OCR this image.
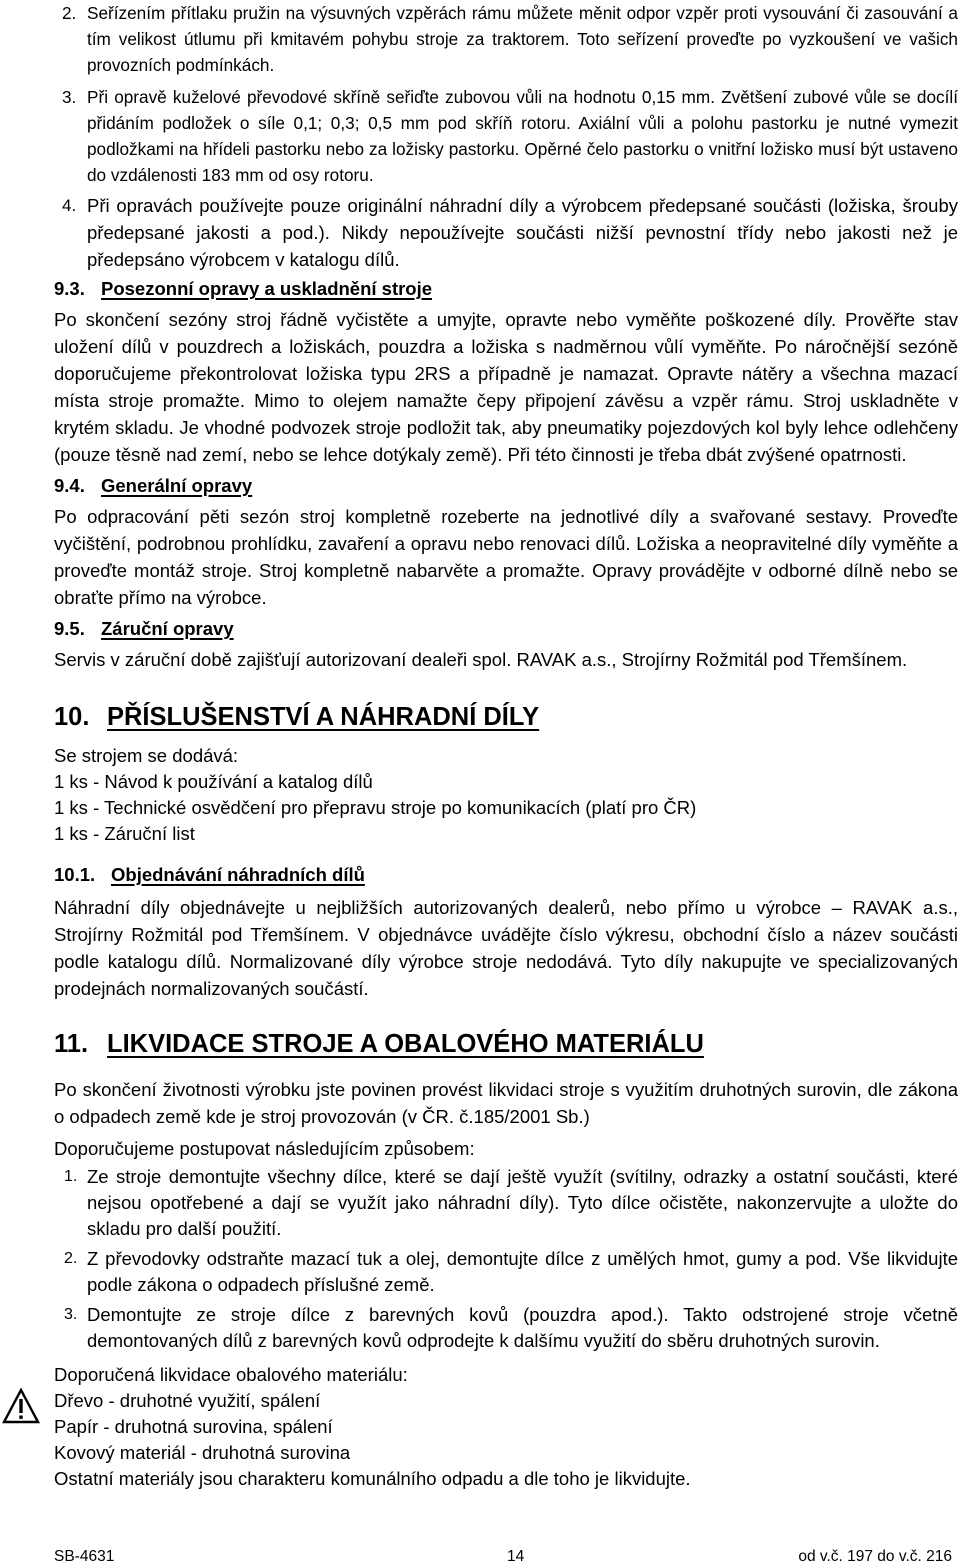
2. Seřízením přítlaku pružin na výsuvných vzpěrách rámu můžete měnit odpor vzpěr proti vysouvání či zasouvání a tím velikost útlumu při kmitavém pohybu stroje za traktorem. Toto seřízení proveďte po vyzkoušení ve vašich provozních podmínkách.

3. Při opravě kuželové převodové skříně seřiďte zubovou vůli na hodnotu 0,15 mm. Zvětšení zubové vůle se docílí přidáním podložek o síle 0,1; 0,3; 0,5 mm pod skříň rotoru. Axiální vůli a polohu pastorku je nutné vymezit podložkami na hřídeli pastorku nebo za ložisky pastorku. Opěrné čelo pastorku o vnitřní ložisko musí být ustaveno do vzdálenosti 183 mm od osy rotoru.

4. Při opravách používejte pouze originální náhradní díly a výrobcem předepsané součásti (ložiska, šrouby předepsané jakosti a pod.). Nikdy nepoužívejte součásti nižší pevnostní třídy nebo jakosti než je předepsáno výrobcem v katalogu dílů.

9.3. Posezonní opravy a uskladnění stroje

Po skončení sezóny stroj řádně vyčistěte a umyjte, opravte nebo vyměňte poškozené díly. Prověřte stav uložení dílů v pouzdrech a ložiskách, pouzdra a ložiska s nadměrnou vůlí vyměňte. Po náročnější sezóně doporučujeme překontrolovat ložiska typu 2RS a případně je namazat. Opravte nátěry a všechna mazací místa stroje promažte. Mimo to olejem namažte čepy připojení závěsu a vzpěr rámu. Stroj uskladněte v krytém skladu. Je vhodné podvozek stroje podložit tak, aby pneumatiky pojezdových kol byly lehce odlehčeny (pouze těsně nad zemí, nebo se lehce dotýkaly země). Při této činnosti je třeba dbát zvýšené opatrnosti.

9.4. Generální opravy

Po odpracování pěti sezón stroj kompletně rozeberte na jednotlivé díly a svařované sestavy. Proveďte vyčištění, podrobnou prohlídku, zavaření a opravu nebo renovaci dílů. Ložiska a neopravitelné díly vyměňte a proveďte montáž stroje. Stroj kompletně nabarvěte a promažte. Opravy provádějte v odborné dílně nebo se obraťte přímo na výrobce.

9.5. Záruční opravy

Servis v záruční době zajišťují autorizovaní dealeři spol. RAVAK a.s., Strojírny Rožmitál pod Třemšínem.

10. PŘÍSLUŠENSTVÍ A NÁHRADNÍ DÍLY
Se strojem se dodává:
1 ks - Návod k používání a katalog dílů
1 ks - Technické osvědčení pro přepravu stroje po komunikacích (platí pro ČR)
1 ks - Záruční list
10.1. Objednávání náhradních dílů

Náhradní díly objednávejte u nejbližších autorizovaných dealerů, nebo přímo u výrobce – RAVAK a.s., Strojírny Rožmitál pod Třemšínem. V objednávce uvádějte číslo výkresu, obchodní číslo a název součásti podle katalogu dílů. Normalizované díly výrobce stroje nedodává. Tyto díly nakupujte ve specializovaných prodejnách normalizovaných součástí.

11. LIKVIDACE STROJE A OBALOVÉHO MATERIÁLU

Po skončení životnosti výrobku jste povinen provést likvidaci stroje s využitím druhotných surovin, dle zákona o odpadech země kde je stroj provozován (v ČR. č.185/2001 Sb.)

Doporučujeme postupovat následujícím způsobem:
1. Ze stroje demontujte všechny dílce, které se dají ještě využít (svítilny, odrazky a ostatní součásti, které nejsou opotřebené a dají se využít jako náhradní díly). Tyto dílce očistěte, nakonzervujte a uložte do skladu pro další použití.

2. Z převodovky odstraňte mazací tuk a olej, demontujte dílce z umělých hmot, gumy a pod. Vše likvidujte podle zákona o odpadech příslušné země.

3. Demontujte ze stroje dílce z barevných kovů (pouzdra apod.). Takto odstrojené stroje včetně demontovaných dílů z barevných kovů odprodejte k dalšímu využití do sběru druhotných surovin.

Doporučená likvidace obalového materiálu:
Dřevo - druhotné využití, spálení
Papír - druhotná surovina, spálení
Kovový materiál - druhotná surovina
Ostatní materiály jsou charakteru komunálního odpadu a dle toho je likvidujte.
SB-4631	14	od v.č. 197 do v.č. 216
